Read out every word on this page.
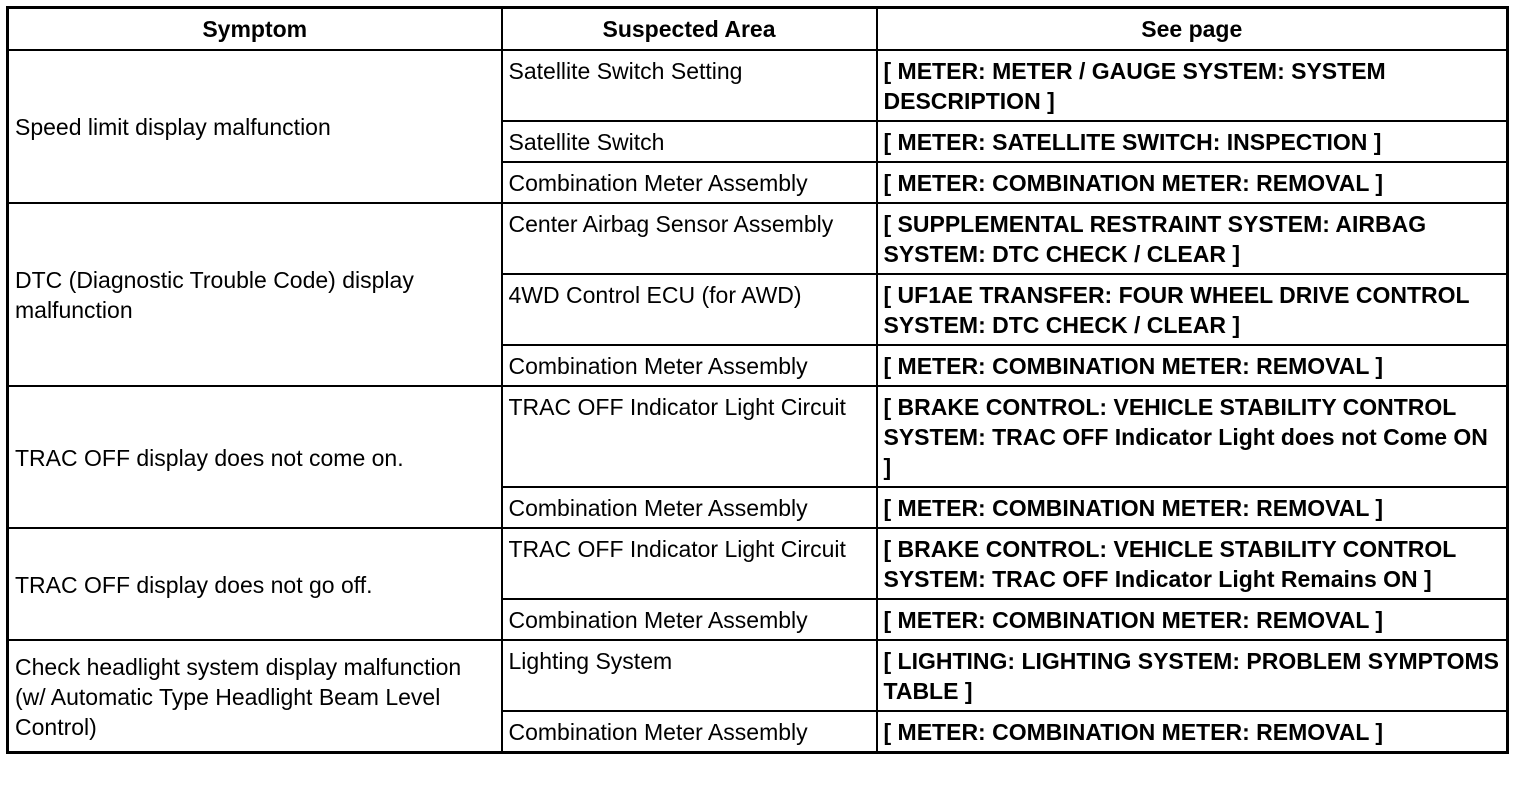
Symptom	Suspected Area	See page
Speed limit display malfunction	Satellite Switch Setting	[ METER: METER / GAUGE SYSTEM: SYSTEM DESCRIPTION ]
	Satellite Switch	[ METER: SATELLITE SWITCH: INSPECTION ]
	Combination Meter Assembly	[ METER: COMBINATION METER: REMOVAL ]
DTC (Diagnostic Trouble Code) display malfunction	Center Airbag Sensor Assembly	[ SUPPLEMENTAL RESTRAINT SYSTEM: AIRBAG SYSTEM: DTC CHECK / CLEAR ]
	4WD Control ECU (for AWD)	[ UF1AE TRANSFER: FOUR WHEEL DRIVE CONTROL SYSTEM: DTC CHECK / CLEAR ]
	Combination Meter Assembly	[ METER: COMBINATION METER: REMOVAL ]
TRAC OFF display does not come on.	TRAC OFF Indicator Light Circuit	[ BRAKE CONTROL: VEHICLE STABILITY CONTROL SYSTEM: TRAC OFF Indicator Light does not Come ON ]
	Combination Meter Assembly	[ METER: COMBINATION METER: REMOVAL ]
TRAC OFF display does not go off.	TRAC OFF Indicator Light Circuit	[ BRAKE CONTROL: VEHICLE STABILITY CONTROL SYSTEM: TRAC OFF Indicator Light Remains ON ]
	Combination Meter Assembly	[ METER: COMBINATION METER: REMOVAL ]
Check headlight system display malfunction (w/ Automatic Type Headlight Beam Level Control)	Lighting System	[ LIGHTING: LIGHTING SYSTEM: PROBLEM SYMPTOMS TABLE ]
	Combination Meter Assembly	[ METER: COMBINATION METER: REMOVAL ]
